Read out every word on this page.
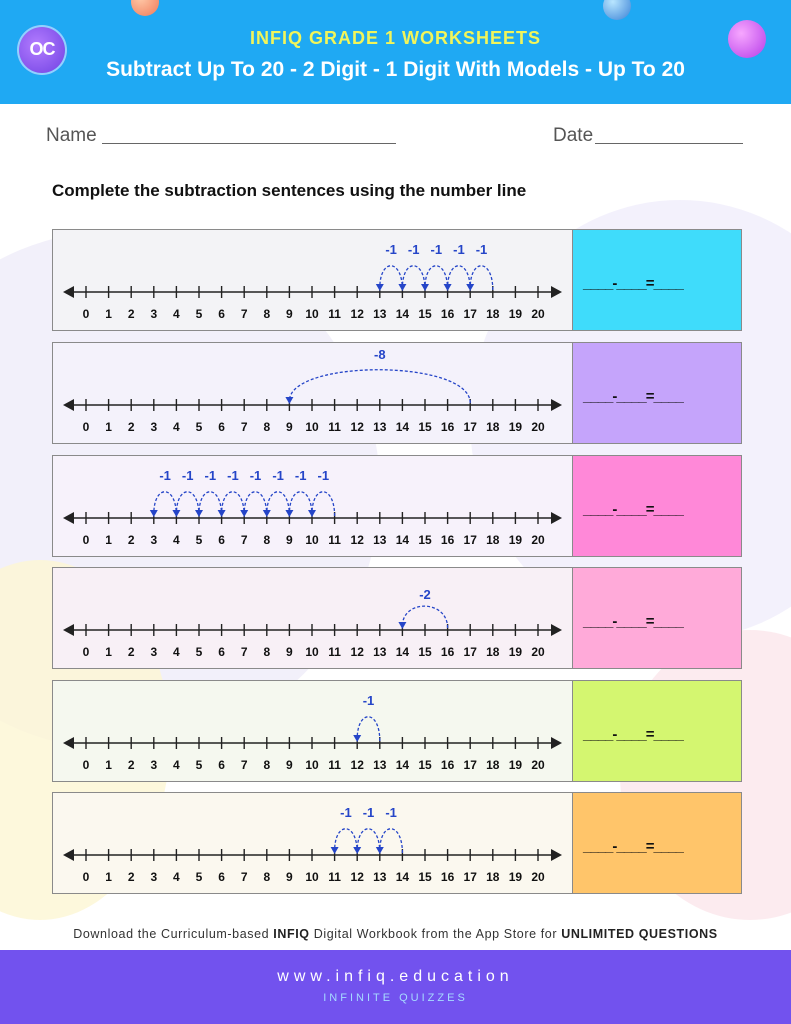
OC
INFIQ GRADE 1 WORKSHEETS
Subtract Up To 20 - 2 Digit - 1 Digit With Models - Up To 20
Name	Date
Complete the subtraction sentences using the number line
0 1 2 3 4 5 6 7 8 9 10 11 12 13 14 15 16 17 18 19 20
-1
-1
-1
-1
-1
____-____=____
0 1 2 3 4 5 6 7 8 9 10 11 12 13 14 15 16 17 18 19 20
-8
____-____=____
0 1 2 3 4 5 6 7 8 9 10 11 12 13 14 15 16 17 18 19 20
-1
-1
-1
-1
-1
-1
-1
-1
____-____=____
0 1 2 3 4 5 6 7 8 9 10 11 12 13 14 15 16 17 18 19 20
-2
____-____=____
0 1 2 3 4 5 6 7 8 9 10 11 12 13 14 15 16 17 18 19 20
-1
____-____=____
0 1 2 3 4 5 6 7 8 9 10 11 12 13 14 15 16 17 18 19 20
-1
-1
-1
____-____=____
Download the Curriculum-based INFIQ Digital Workbook from the App Store for UNLIMITED QUESTIONS
www.infiq.education
INFINITE QUIZZES
